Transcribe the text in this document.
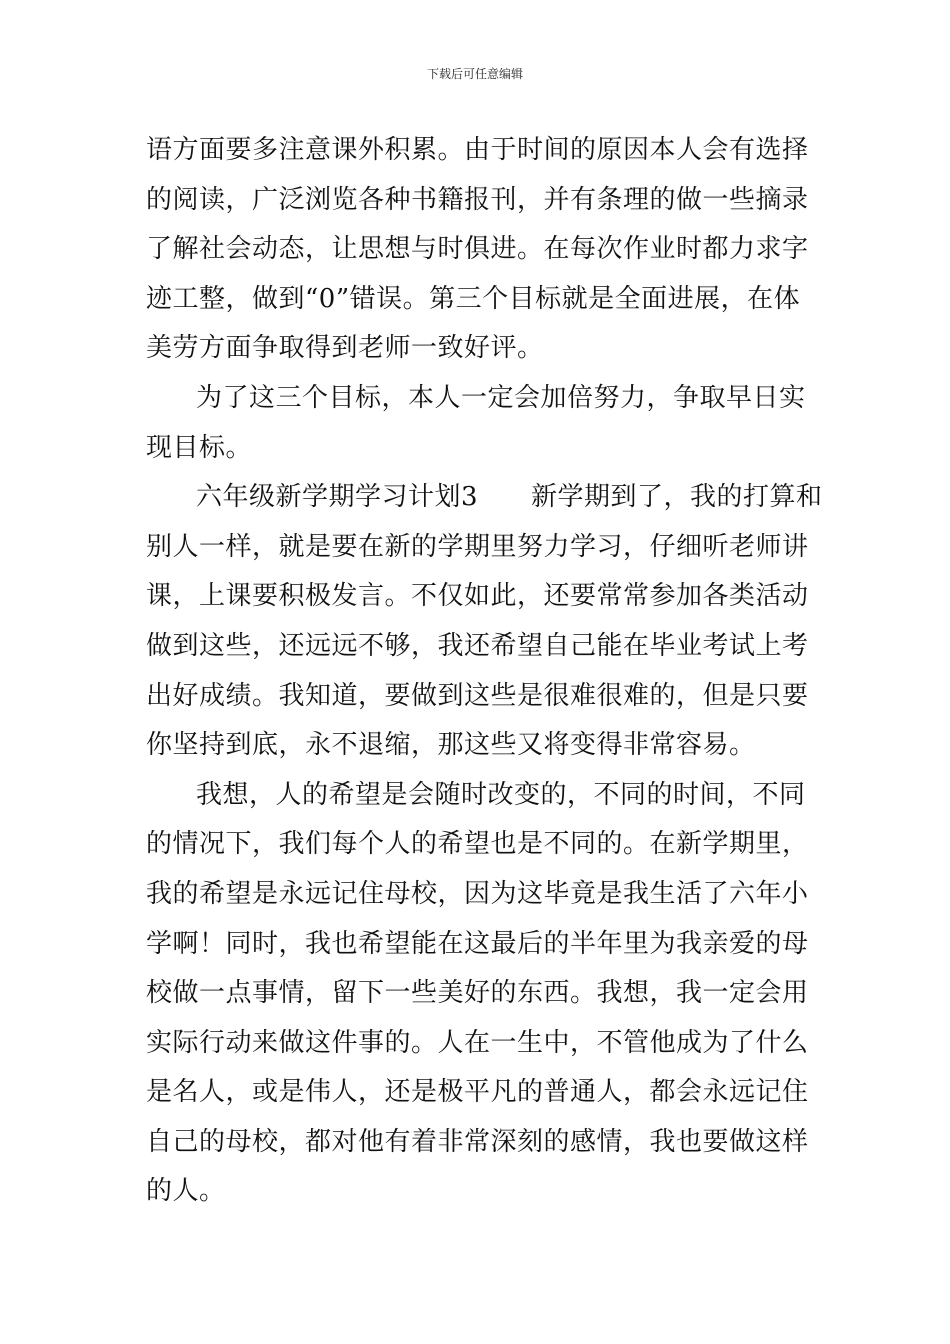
下载后可任意编辑
语方面要多注意课外积累。由于时间的原因本人会有选择
的阅读，广泛浏览各种书籍报刊，并有条理的做一些摘录
了解社会动态，让思想与时俱进。在每次作业时都力求字
迹工整，做到“0”错误。第三个目标就是全面进展，在体
美劳方面争取得到老师一致好评。
为了这三个目标，本人一定会加倍努力，争取早日实
现目标。
六年级新学期学习计划3　　新学期到了，我的打算和
别人一样，就是要在新的学期里努力学习，仔细听老师讲
课，上课要积极发言。不仅如此，还要常常参加各类活动
做到这些，还远远不够，我还希望自己能在毕业考试上考
出好成绩。我知道，要做到这些是很难很难的，但是只要
你坚持到底，永不退缩，那这些又将变得非常容易。
我想，人的希望是会随时改变的，不同的时间，不同
的情况下，我们每个人的希望也是不同的。在新学期里，
我的希望是永远记住母校，因为这毕竟是我生活了六年小
学啊！同时，我也希望能在这最后的半年里为我亲爱的母
校做一点事情，留下一些美好的东西。我想，我一定会用
实际行动来做这件事的。人在一生中，不管他成为了什么
是名人，或是伟人，还是极平凡的普通人，都会永远记住
自己的母校，都对他有着非常深刻的感情，我也要做这样
的人。
